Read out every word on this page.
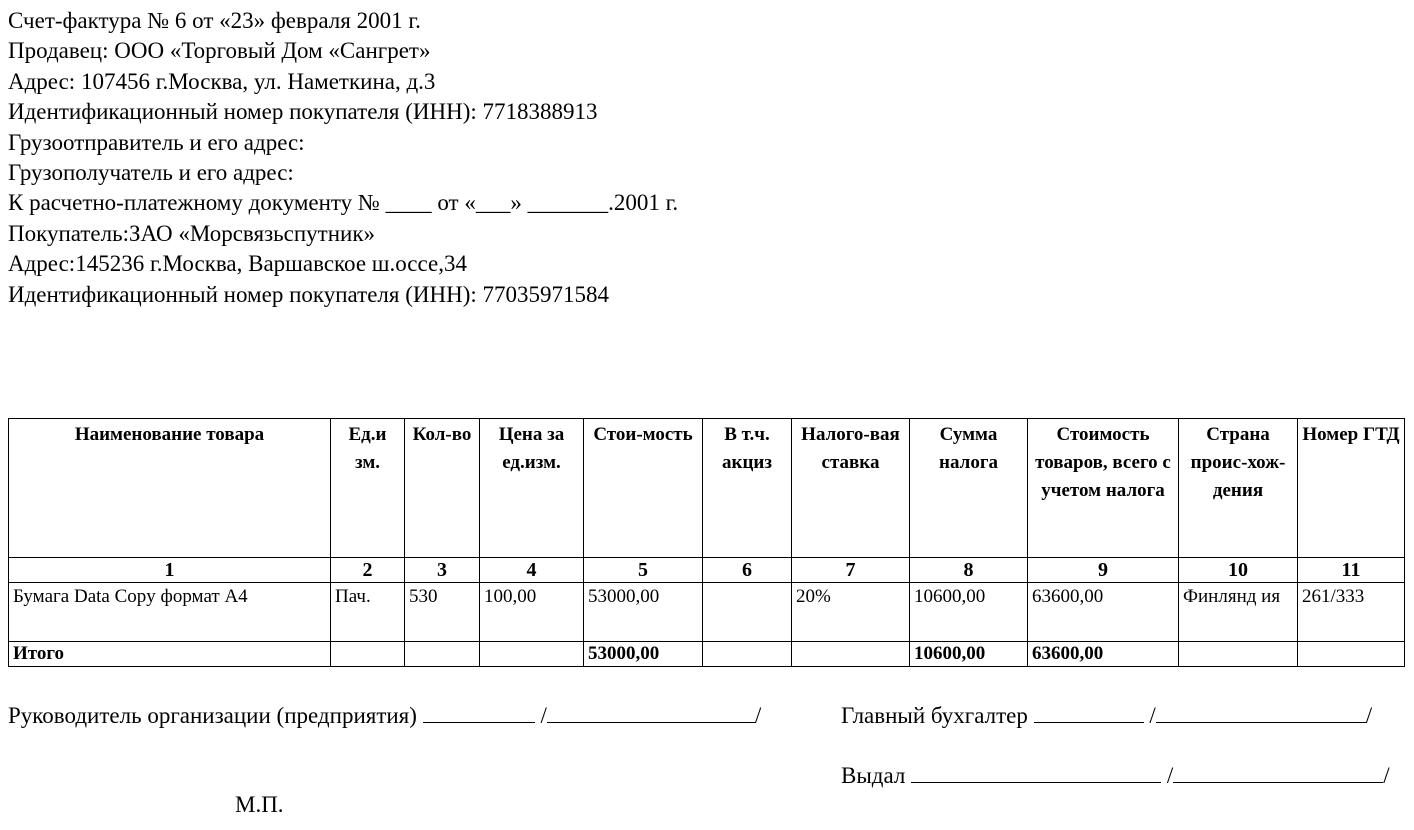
Счет-фактура № 6 от «23» февраля 2001 г.
Продавец: ООО «Торговый Дом «Сангрет»
Адрес: 107456 г.Москва, ул. Наметкина, д.3
Идентификационный номер покупателя (ИНН): 7718388913
Грузоотправитель и его адрес:
Грузополучатель и его адрес:
К расчетно-платежному документу № ____ от «___» _______.2001 г.
Покупатель:ЗАО «Морсвязьспутник»
Адрес:145236 г.Москва, Варшавское ш.оссе,34
Идентификационный номер покупателя (ИНН): 77035971584
Наименование товара	Ед.и зм.	Кол-во	Цена за ед.изм.	Стои-мость	В т.ч. акциз	Налого-вая ставка	Сумма налога	Стоимость товаров, всего с учетом налога	Страна проис-хож-дения	Номер ГТД
1	2	3	4	5	6	7	8	9	10	11
Бумага Data Copy формат А4	Пач.	530	100,00	53000,00		20%	10600,00	63600,00	Финлянд ия	261/333
Итого				53000,00			10600,00	63600,00		
Руководитель организации (предприятия)	/	/	Главный бухгалтер	/	/
Выдал	/	/
М.П.
